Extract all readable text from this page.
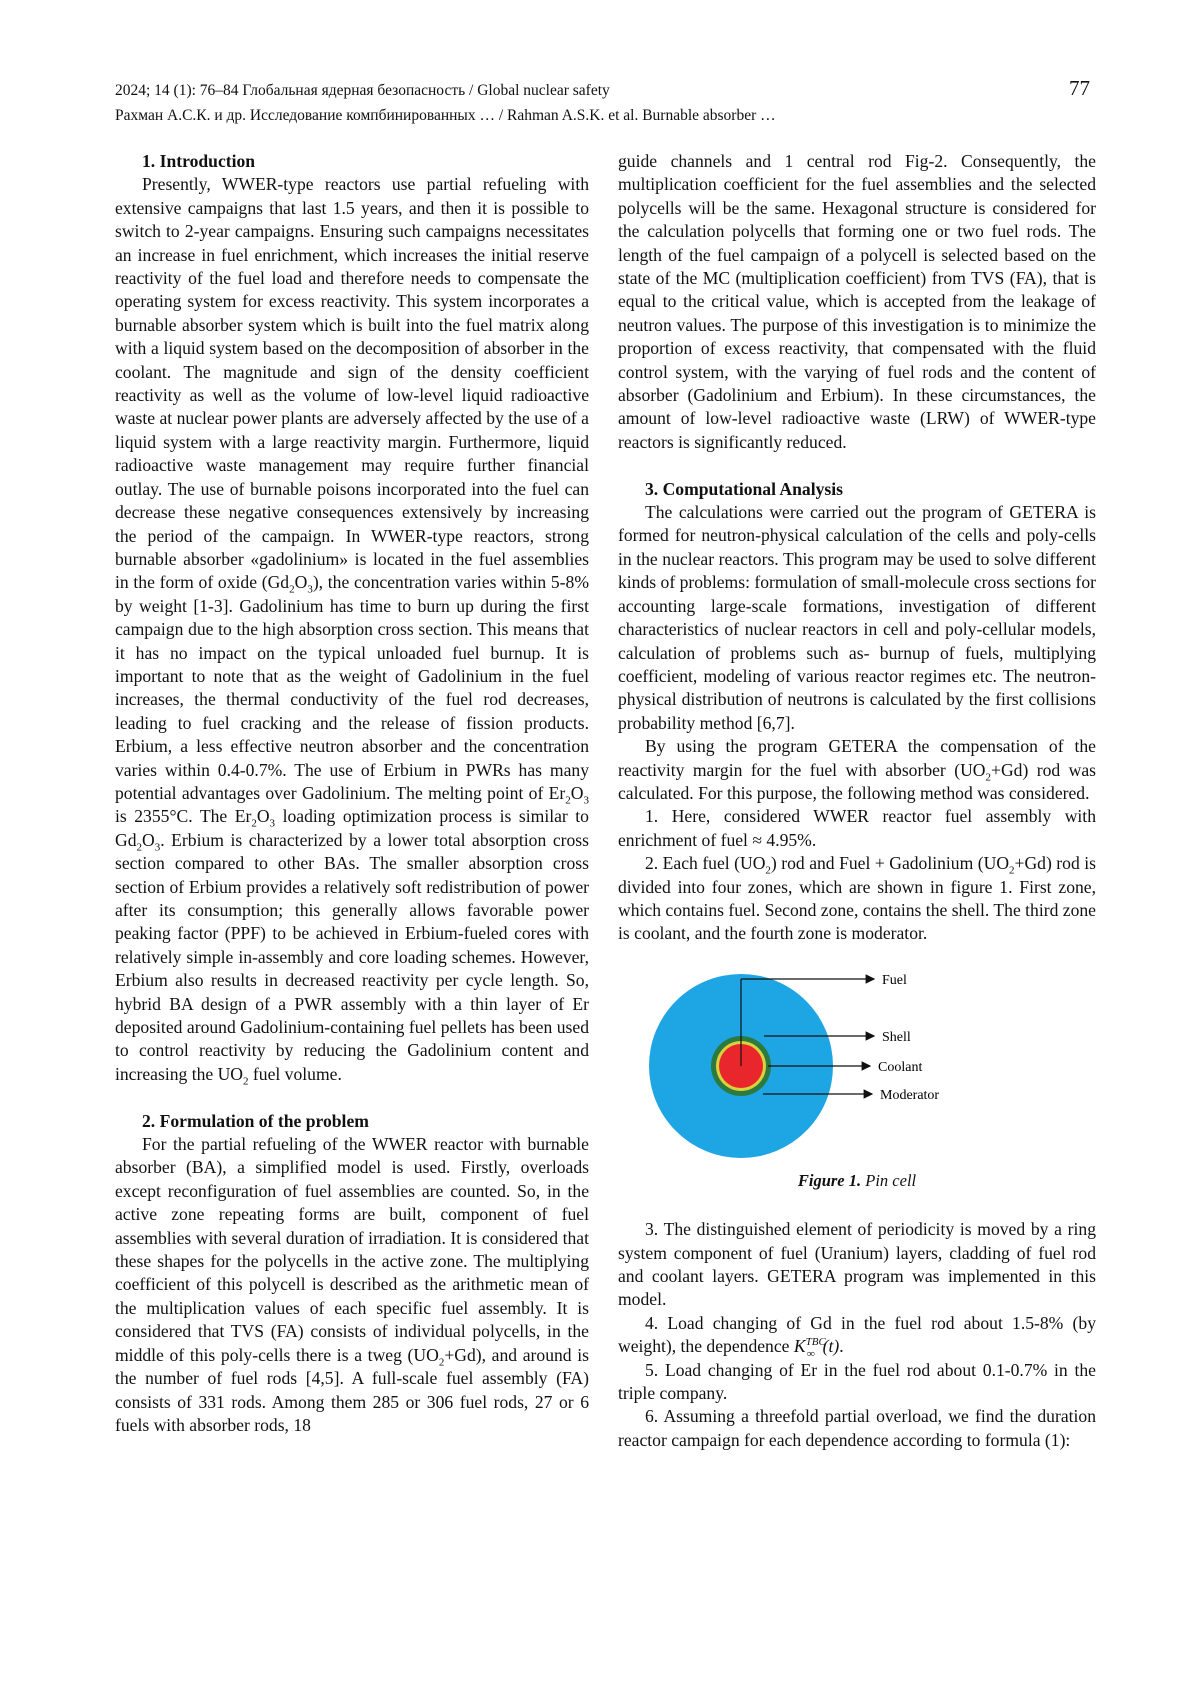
2024; 14 (1): 76–84 Глобальная ядерная безопасность / Global nuclear safety
Рахман А.С.К. и др. Исследование компбинированных … / Rahman A.S.K. et al. Burnable absorber …
77
1. Introduction

Presently, WWER-type reactors use partial refueling with extensive campaigns that last 1.5 years, and then it is possible to switch to 2-year campaigns. Ensuring such campaigns necessitates an increase in fuel enrichment, which increases the initial reserve reactivity of the fuel load and therefore needs to compensate the operating system for excess reactivity. This system incorporates a burnable absorber system which is built into the fuel matrix along with a liquid system based on the decomposition of absorber in the coolant. The magnitude and sign of the density coefficient reactivity as well as the volume of low-level liquid radioactive waste at nuclear power plants are adversely affected by the use of a liquid system with a large reactivity margin. Furthermore, liquid radioactive waste management may require further financial outlay. The use of burnable poisons incorporated into the fuel can decrease these negative consequences extensively by increasing the period of the campaign. In WWER-type reactors, strong burnable absorber «gadolinium» is located in the fuel assemblies in the form of oxide $(Gd_2O_3)$, the concentration varies within 5-8% by weight [1-3]. Gadolinium has time to burn up during the first campaign due to the high absorption cross section. This means that it has no impact on the typical unloaded fuel burnup. It is important to note that as the weight of Gadolinium in the fuel increases, the thermal conductivity of the fuel rod decreases, leading to fuel cracking and the release of fission products. Erbium, a less effective neutron absorber and the concentration varies within 0.4-0.7%. The use of Erbium in PWRs has many potential advantages over Gadolinium. The melting point of $Er_2O_3$ is 2355°C. The $Er_2O_3$ loading optimization process is similar to $Gd_2O_3$. Erbium is characterized by a lower total absorption cross section compared to other BAs. The smaller absorption cross section of Erbium provides a relatively soft redistribution of power after its consumption; this generally allows favorable power peaking factor (PPF) to be achieved in Erbium-fueled cores with relatively simple in-assembly and core loading schemes. However, Erbium also results in decreased reactivity per cycle length. So, hybrid BA design of a PWR assembly with a thin layer of Er deposited around Gadolinium-containing fuel pellets has been used to control reactivity by reducing the Gadolinium content and increasing the $UO_2$ fuel volume.

2. Formulation of the problem

For the partial refueling of the WWER reactor with burnable absorber (BA), a simplified model is used. Firstly, overloads except reconfiguration of fuel assemblies are counted. So, in the active zone repeating forms are built, component of fuel assemblies with several duration of irradiation. It is considered that these shapes for the polycells in the active zone. The multiplying coefficient of this polycell is described as the arithmetic mean of the multiplication values of each specific fuel assembly. It is considered that TVS (FA) consists of individual polycells, in the middle of this poly-cells there is a tweg $(UO_2+Gd)$, and around is the number of fuel rods [4,5]. A full-scale fuel assembly (FA) consists of 331 rods. Among them 285 or 306 fuel rods, 27 or 6 fuels with absorber rods, 18

guide channels and 1 central rod Fig-2. Consequently, the multiplication coefficient for the fuel assemblies and the selected polycells will be the same. Hexagonal structure is considered for the calculation polycells that forming one or two fuel rods. The length of the fuel campaign of a polycell is selected based on the state of the MC (multiplication coefficient) from TVS (FA), that is equal to the critical value, which is accepted from the leakage of neutron values. The purpose of this investigation is to minimize the proportion of excess reactivity, that compensated with the fluid control system, with the varying of fuel rods and the content of absorber (Gadolinium and Erbium). In these circumstances, the amount of low-level radioactive waste (LRW) of WWER-type reactors is significantly reduced.

3. Computational Analysis

The calculations were carried out the program of GETERA is formed for neutron-physical calculation of the cells and poly-cells in the nuclear reactors. This program may be used to solve different kinds of problems: formulation of small-molecule cross sections for accounting large-scale formations, investigation of different characteristics of nuclear reactors in cell and poly-cellular models, calculation of problems such as- burnup of fuels, multiplying coefficient, modeling of various reactor regimes etc. The neutron-physical distribution of neutrons is calculated by the first collisions probability method [6,7].

By using the program GETERA the compensation of the reactivity margin for the fuel with absorber $(UO_2+Gd)$ rod was calculated. For this purpose, the following method was considered.

1. Here, considered WWER reactor fuel assembly with enrichment of fuel ≈ 4.95%.

2. Each fuel $(UO_2)$ rod and Fuel + Gadolinium $(UO_2+Gd)$ rod is divided into four zones, which are shown in figure 1. First zone, which contains fuel. Second zone, contains the shell. The third zone is coolant, and the fourth zone is moderator.

Fuel
Shell
Coolant
Moderator
Figure 1. Pin cell

3. The distinguished element of periodicity is moved by a ring system component of fuel (Uranium) layers, cladding of fuel rod and coolant layers. GETERA program was implemented in this model.

4. Load changing of Gd in the fuel rod about 1.5-8% (by weight), the dependence $K^{TBC}_\infty$ (t).

5. Load changing of Er in the fuel rod about 0.1-0.7% in the triple company.

6. Assuming a threefold partial overload, we find the duration reactor campaign for each dependence according to formula (1):
